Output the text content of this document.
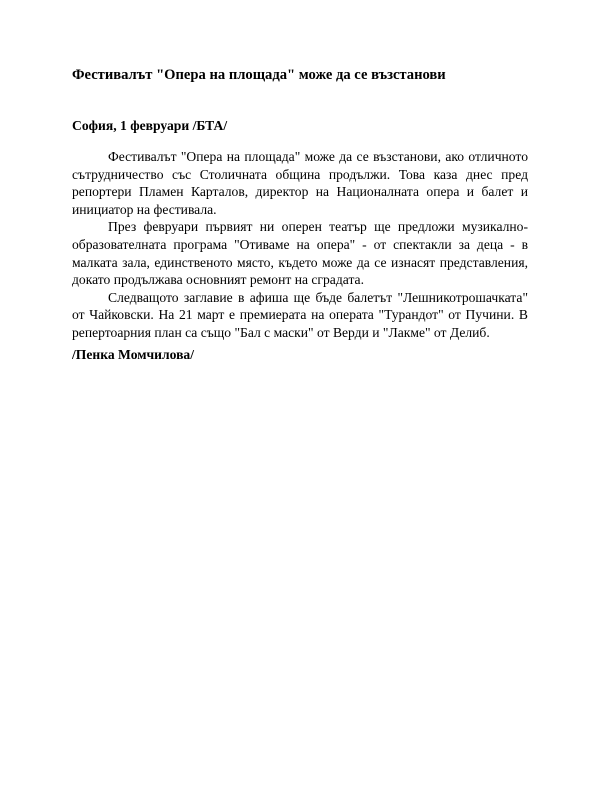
Фестивалът "Опера на площада" може да се възстанови

София, 1 февруари /БТА/

Фестивалът "Опера на площада" може да се възстанови, ако отличното сътрудничество със Столичната община продължи. Това каза днес пред репортери Пламен Карталов, директор на Националната опера и балет и инициатор на фестивала.

През февруари първият ни оперен театър ще предложи музикално-образователната програма "Отиваме на опера" - от спектакли за деца - в малката зала, единственото място, където може да се изнасят представления, докато продължава основният ремонт на сградата.

Следващото заглавие в афиша ще бъде балетът "Лешникотрошачката" от Чайковски. На 21 март е премиерата на операта "Турандот" от Пучини. В репертоарния план са също "Бал с маски" от Верди и "Лакме" от Делиб.

/Пенка Момчилова/
